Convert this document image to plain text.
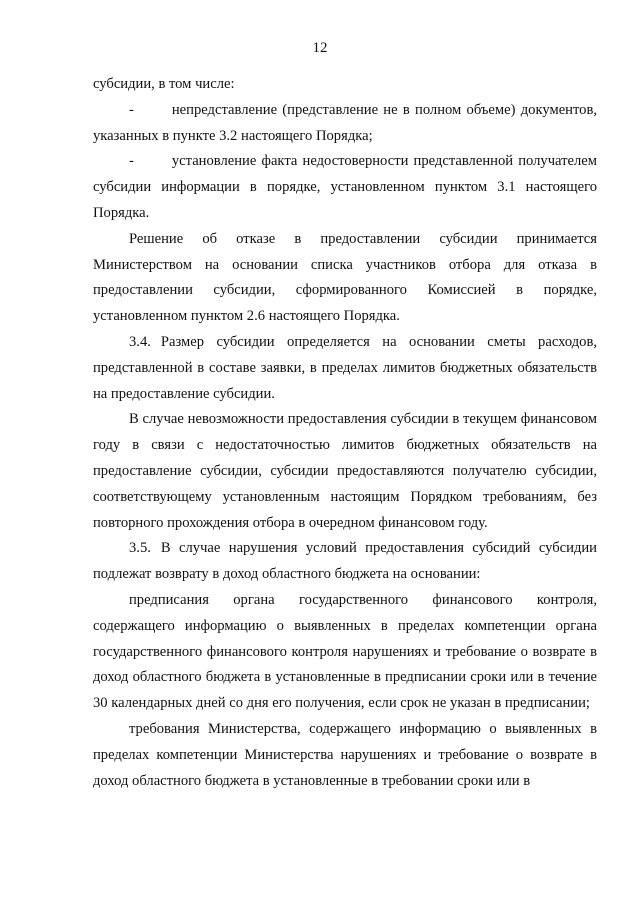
12

субсидии, в том числе:

-	непредставление (представление не в полном объеме) документов, указанных в пункте 3.2 настоящего Порядка;

-	установление факта недостоверности представленной получателем субсидии информации в порядке, установленном пунктом 3.1 настоящего Порядка.

Решение об отказе в предоставлении субсидии принимается Министерством на основании списка участников отбора для отказа в предоставлении субсидии, сформированного Комиссией в порядке, установленном пунктом 2.6 настоящего Порядка.

3.4. Размер субсидии определяется на основании сметы расходов, представленной в составе заявки, в пределах лимитов бюджетных обязательств на предоставление субсидии.

В случае невозможности предоставления субсидии в текущем финансовом году в связи с недостаточностью лимитов бюджетных обязательств на предоставление субсидии, субсидии предоставляются получателю субсидии, соответствующему установленным настоящим Порядком требованиям, без повторного прохождения отбора в очередном финансовом году.

3.5. В случае нарушения условий предоставления субсидий субсидии подлежат возврату в доход областного бюджета на основании:

предписания органа государственного финансового контроля, содержащего информацию о выявленных в пределах компетенции органа государственного финансового контроля нарушениях и требование о возврате в доход областного бюджета в установленные в предписании сроки или в течение 30 календарных дней со дня его получения, если срок не указан в предписании;

требования Министерства, содержащего информацию о выявленных в пределах компетенции Министерства нарушениях и требование о возврате в доход областного бюджета в установленные в требовании сроки или в
